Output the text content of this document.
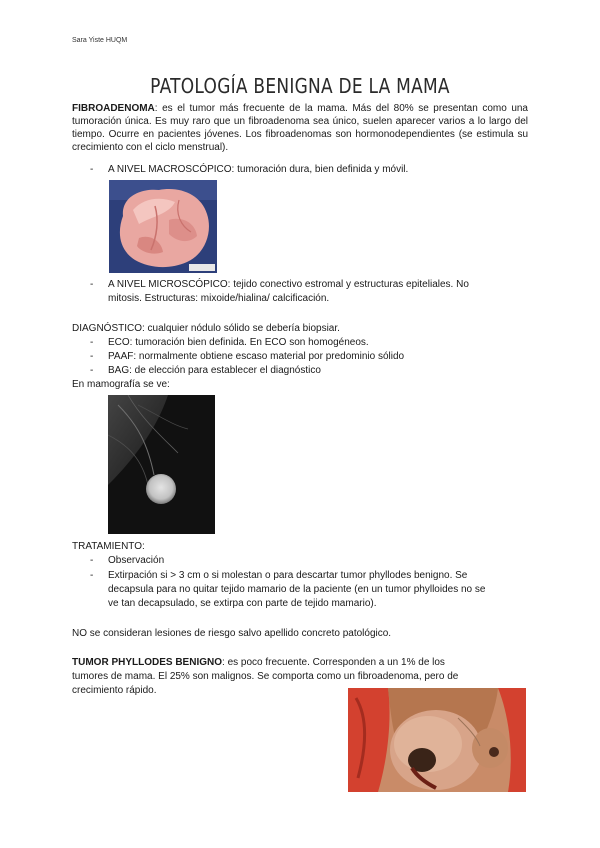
Sara Yiste HUQM
PATOLOGÍA BENIGNA DE LA MAMA
FIBROADENOMA: es el tumor más frecuente de la mama. Más del 80% se presentan como una tumoración única. Es muy raro que un fibroadenoma sea único, suelen aparecer varios a lo largo del tiempo. Ocurre en pacientes jóvenes. Los fibroadenomas son hormonodependientes (se estimula su crecimiento con el ciclo menstrual).
- A NIVEL MACROSCÓPICO: tumoración dura, bien definida y móvil.
- A NIVEL MICROSCÓPICO: tejido conectivo estromal y estructuras epiteliales. No
mitosis. Estructuras: mixoide/hialina/ calcificación.
DIAGNÓSTICO: cualquier nódulo sólido se debería biopsiar.
- ECO: tumoración bien definida. En ECO son homogéneos.
- PAAF: normalmente obtiene escaso material por predominio sólido
- BAG: de elección para establecer el diagnóstico
En mamografía se ve:
TRATAMIENTO:
- Observación
- Extirpación si > 3 cm o si molestan o para descartar tumor phyllodes benigno. Se
decapsula para no quitar tejido mamario de la paciente (en un tumor phylloides no se
ve tan decapsulado, se extirpa con parte de tejido mamario).
NO se consideran lesiones de riesgo salvo apellido concreto patológico.
TUMOR PHYLLODES BENIGNO: es poco frecuente. Corresponden a un 1% de los
tumores de mama. El 25% son malignos. Se comporta como un fibroadenoma, pero de
crecimiento rápido.
